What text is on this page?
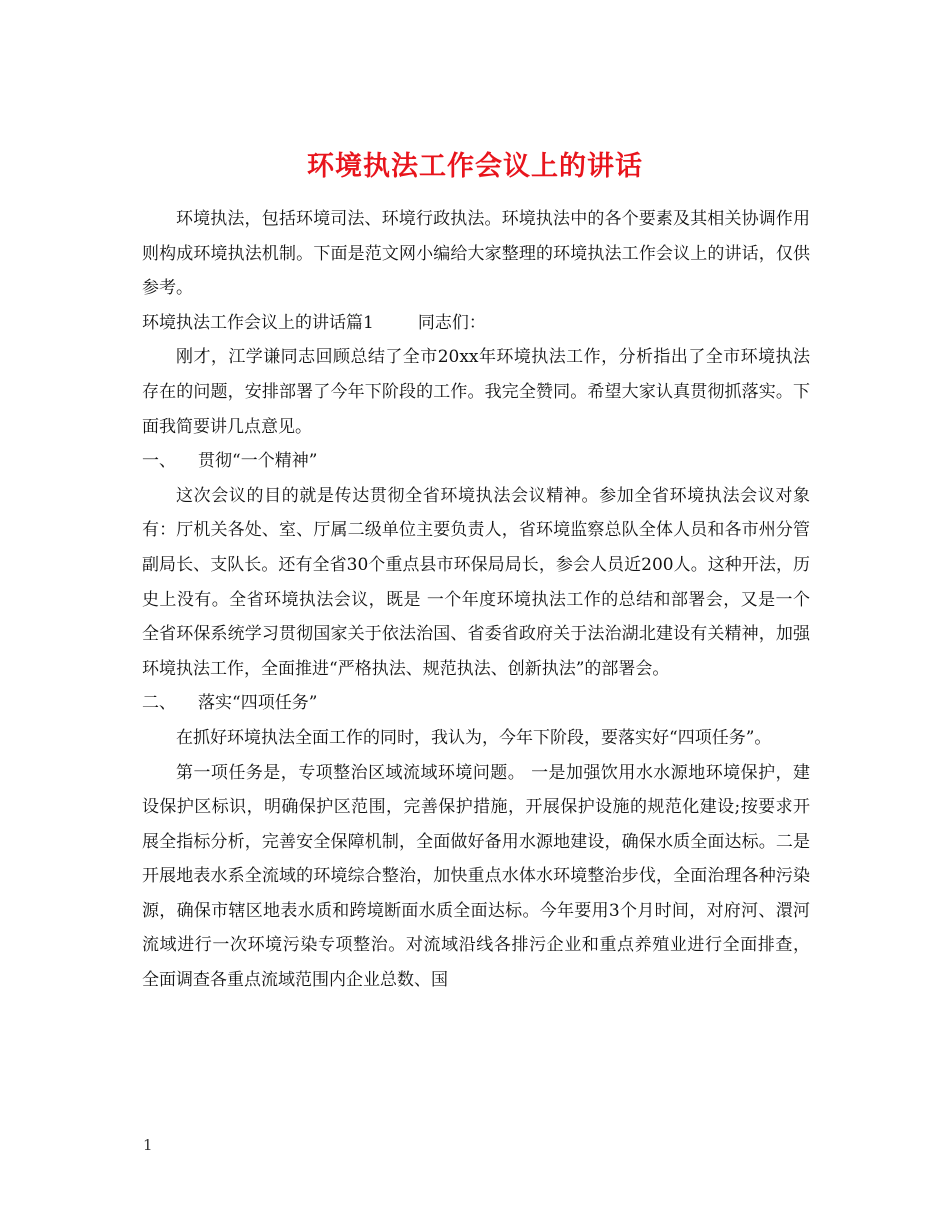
环境执法工作会议上的讲话

环境执法，包括环境司法、环境行政执法。环境执法中的各个要素及其相关协调作用则构成环境执法机制。下面是范文网小编给大家整理的环境执法工作会议上的讲话，仅供参考。

环境执法工作会议上的讲话篇1	同志们：

刚才，江学谦同志回顾总结了全市20xx年环境执法工作，分析指出了全市环境执法存在的问题，安排部署了今年下阶段的工作。我完全赞同。希望大家认真贯彻抓落实。下面我简要讲几点意见。

一、 贯彻“一个精神”

这次会议的目的就是传达贯彻全省环境执法会议精神。参加全省环境执法会议对象有：厅机关各处、室、厅属二级单位主要负责人，省环境监察总队全体人员和各市州分管副局长、支队长。还有全省30个重点县市环保局局长，参会人员近200人。这种开法，历史上没有。全省环境执法会议，既是 一个年度环境执法工作的总结和部署会，又是一个全省环保系统学习贯彻国家关于依法治国、省委省政府关于法治湖北建设有关精神，加强环境执法工作，全面推进“严格执法、规范执法、创新执法”的部署会。

二、 落实“四项任务”

在抓好环境执法全面工作的同时，我认为，今年下阶段，要落实好“四项任务”。

第一项任务是，专项整治区域流域环境问题。 一是加强饮用水水源地环境保护，建设保护区标识，明确保护区范围，完善保护措施，开展保护设施的规范化建设;按要求开展全指标分析，完善安全保障机制，全面做好备用水源地建设，确保水质全面达标。二是开展地表水系全流域的环境综合整治，加快重点水体水环境整治步伐，全面治理各种污染源，确保市辖区地表水质和跨境断面水质全面达标。今年要用3个月时间，对府河、澴河流域进行一次环境污染专项整治。对流域沿线各排污企业和重点养殖业进行全面排查， 全面调查各重点流域范围内企业总数、国

1
